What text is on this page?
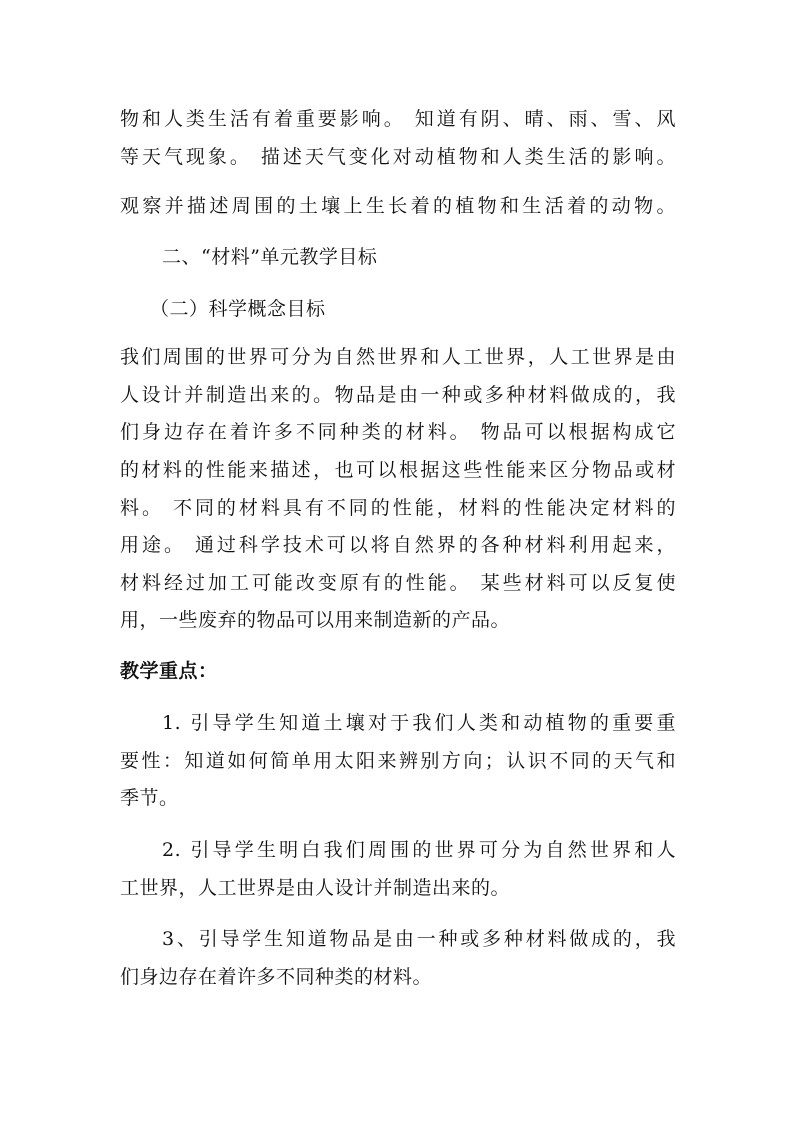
物和人类生活有着重要影响。 知道有阴、晴、雨、雪、风
等天气现象。 描述天气变化对动植物和人类生活的影响。
观察并描述周围的土壤上生长着的植物和生活着的动物。
二、“材料”单元教学目标
（二）科学概念目标
我们周围的世界可分为自然世界和人工世界，人工世界是由
人设计并制造出来的。物品是由一种或多种材料做成的，我
们身边存在着许多不同种类的材料。 物品可以根据构成它
的材料的性能来描述，也可以根据这些性能来区分物品或材
料。 不同的材料具有不同的性能，材料的性能决定材料的
用途。 通过科学技术可以将自然界的各种材料利用起来，
材料经过加工可能改变原有的性能。 某些材料可以反复使
用，一些废弃的物品可以用来制造新的产品。
教学重点：
1. 引导学生知道土壤对于我们人类和动植物的重要重
要性：知道如何简单用太阳来辨别方向；认识不同的天气和
季节。
2. 引导学生明白我们周围的世界可分为自然世界和人
工世界，人工世界是由人设计并制造出来的。
3、引导学生知道物品是由一种或多种材料做成的，我
们身边存在着许多不同种类的材料。
